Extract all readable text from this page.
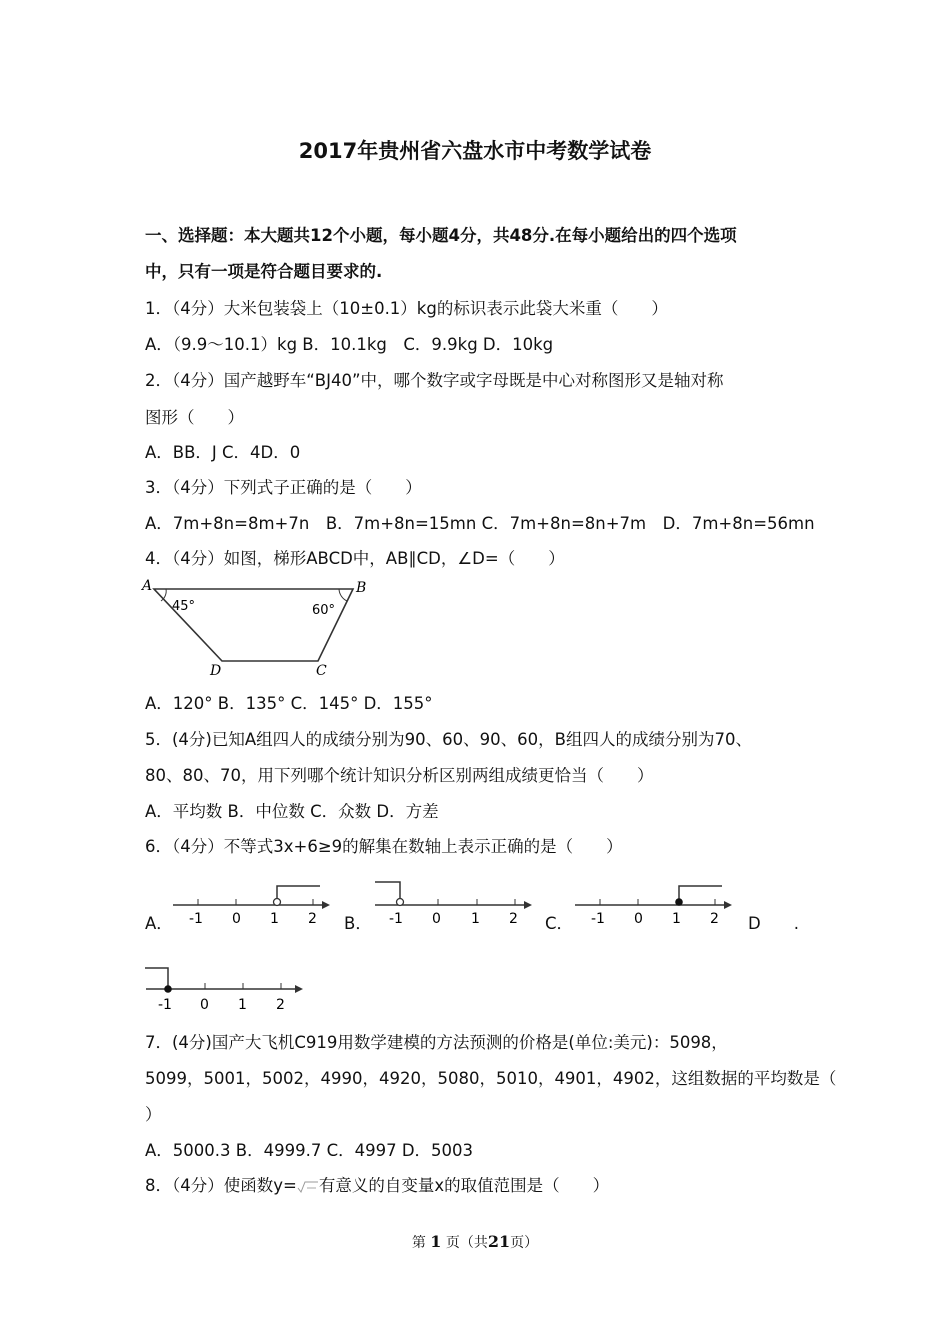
2017年贵州省六盘水市中考数学试卷
一、选择题：本大题共12个小题，每小题4分，共48分.在每小题给出的四个选项
中，只有一项是符合题目要求的.
1．（4分）大米包装袋上（10±0.1）kg的标识表示此袋大米重（　　）
A．（9.9～10.1）kg B．10.1kg　C．9.9kg D．10kg
2．（4分）国产越野车“BJ40”中，哪个数字或字母既是中心对称图形又是轴对称
图形（　　）
A．BB．J C．4D．0
3．（4分）下列式子正确的是（　　）
A．7m+8n=8m+7n　B．7m+8n=15mn C．7m+8n=8n+7m　D．7m+8n=56mn
4．（4分）如图，梯形ABCD中，AB∥CD，∠D=（　　）
A	B
C
D
45°	60°
A．120° B．135° C．145° D．155°
5．(4分)已知A组四人的成绩分别为90、60、90、60，B组四人的成绩分别为70、
80、80、70，用下列哪个统计知识分析区别两组成绩更恰当（　　）
A．平均数 B．中位数 C．众数 D．方差
6．（4分）不等式3x+6≥9的解集在数轴上表示正确的是（　　）
A． -1 0 1 2 B． -1 0 1 2 C． -1 0 1 2 D　　.
-1 0 1 2
7．(4分)国产大飞机C919用数学建模的方法预测的价格是(单位:美元)：5098，
5099，5001，5002，4990，4920，5080，5010，4901，4902，这组数据的平均数是（
）
A．5000.3 B．4999.7 C．4997 D．5003
8．（4分）使函数y= 有意义的自变量x的取值范围是（　　）
第 1 页（共21页）
